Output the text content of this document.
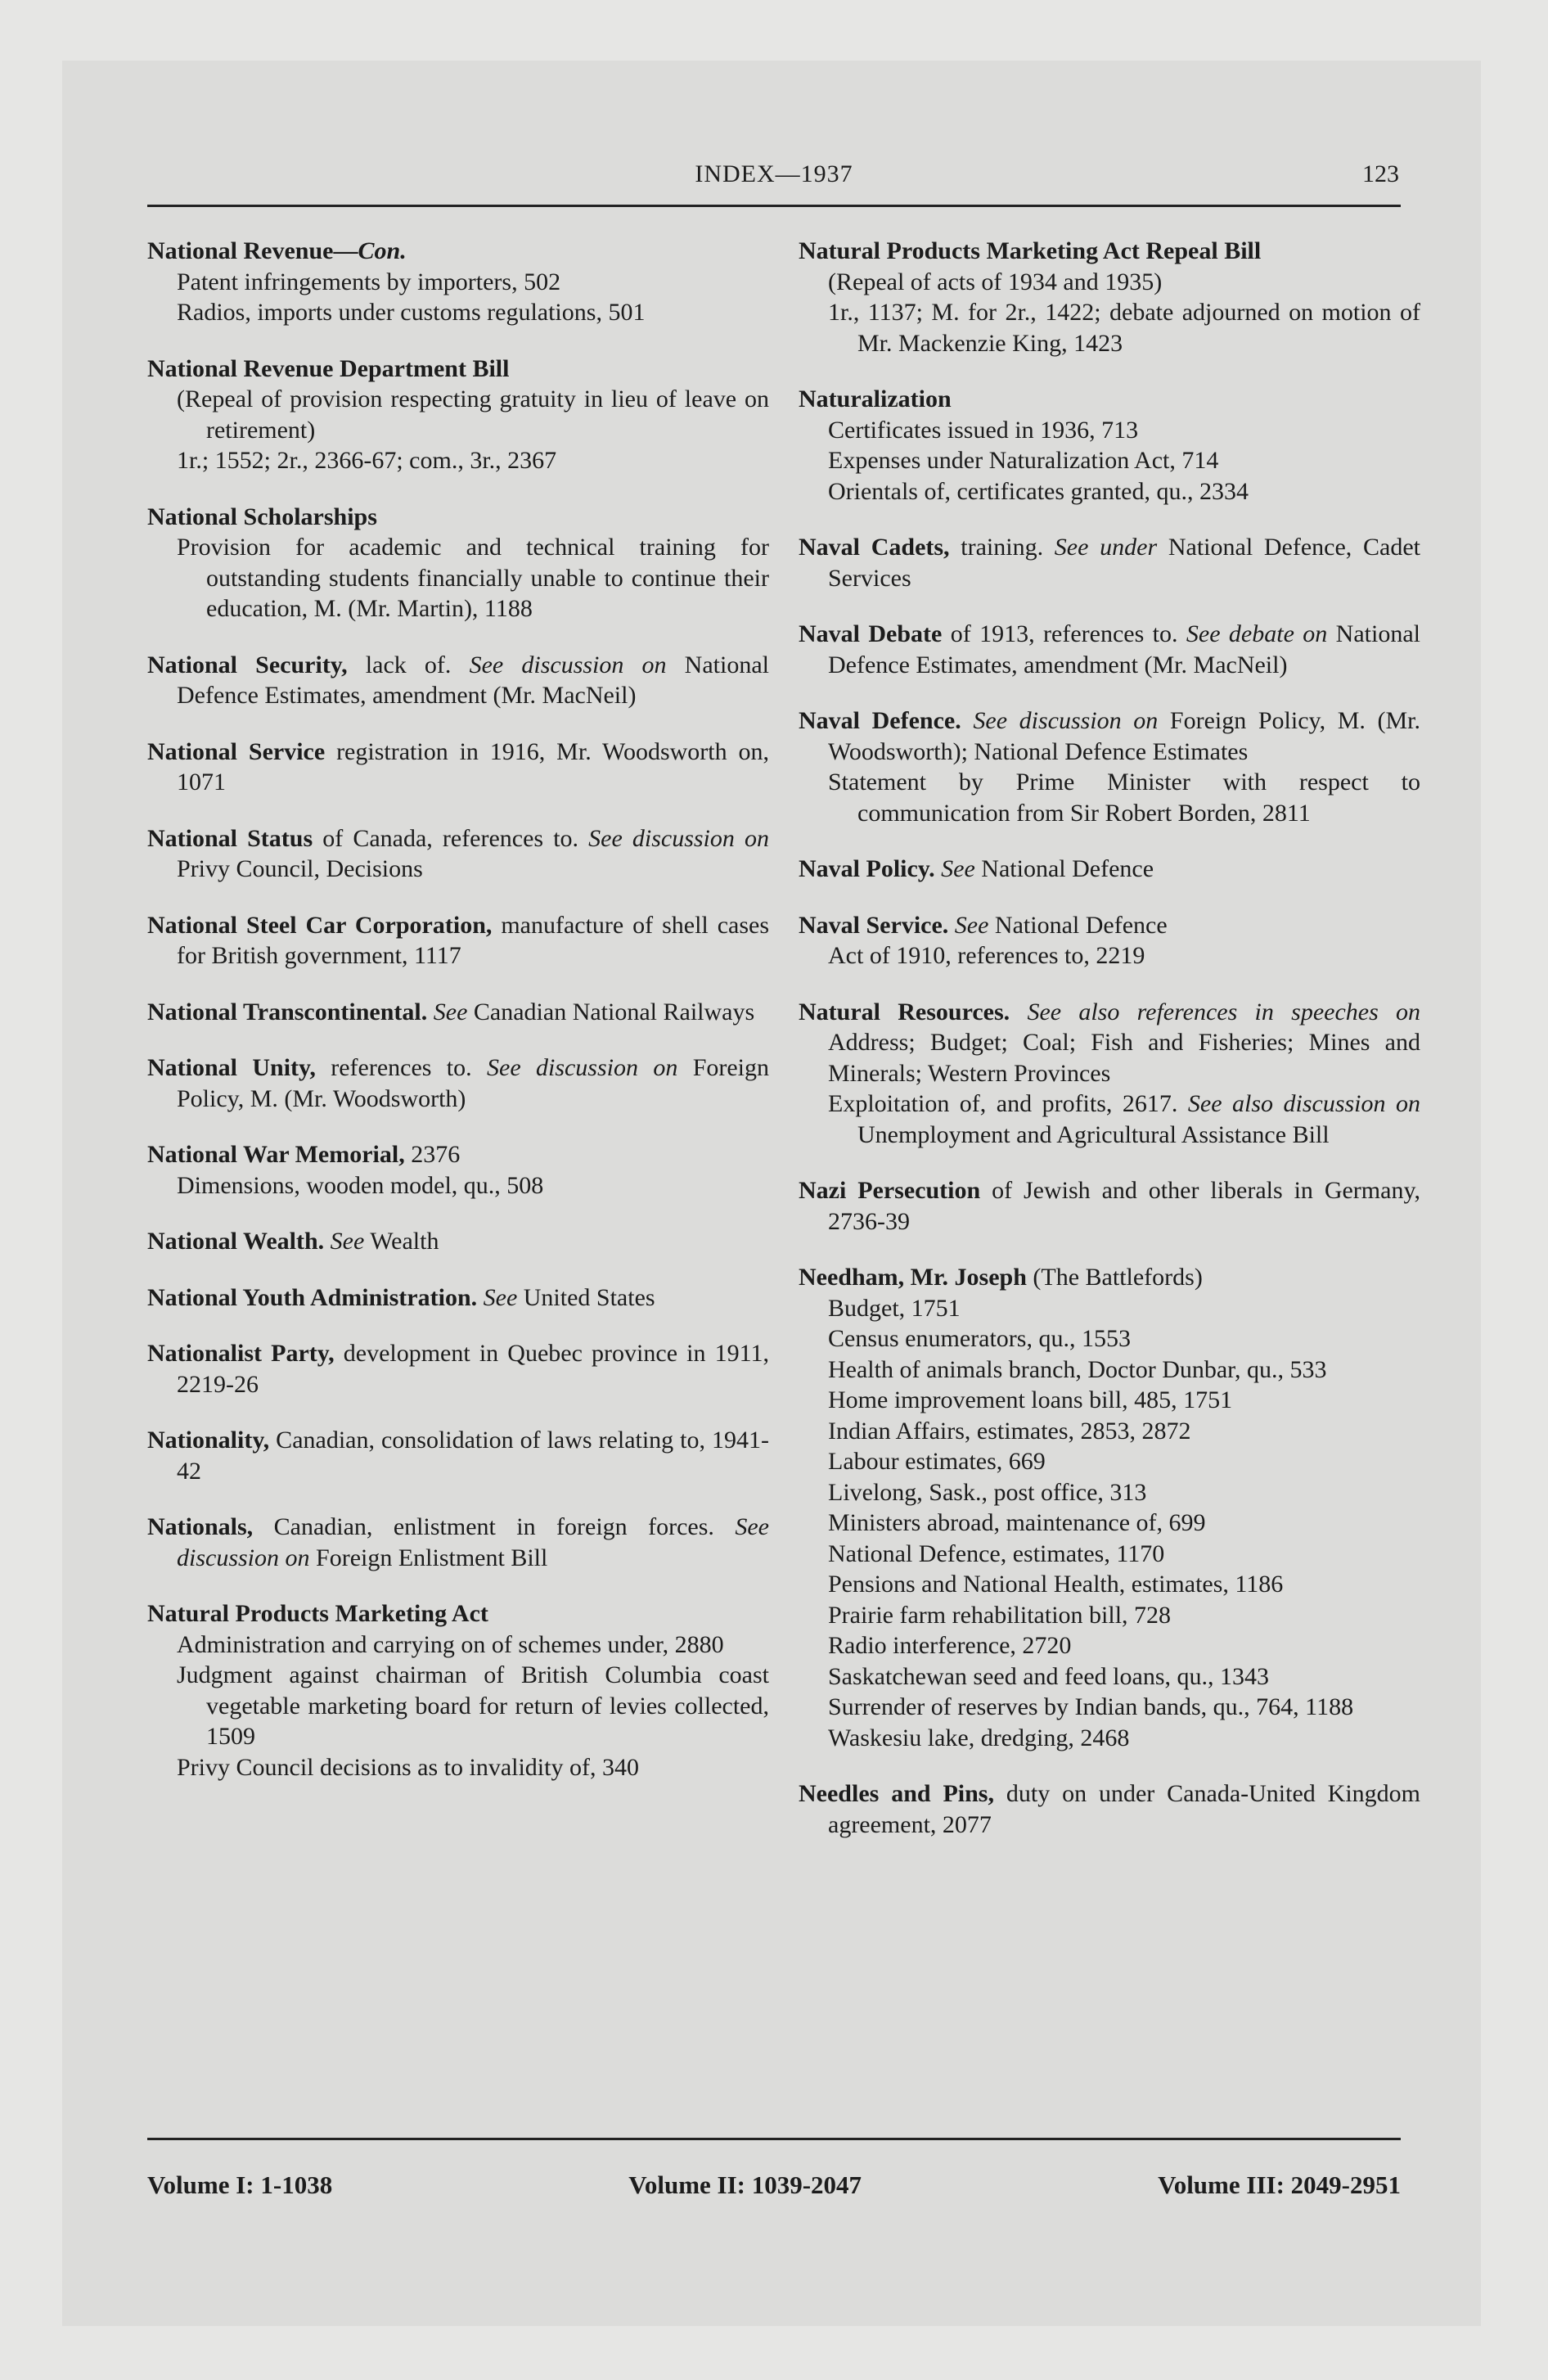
INDEX—1937	123
National Revenue—Con.
Patent infringements by importers, 502
Radios, imports under customs regulations, 501
National Revenue Department Bill
(Repeal of provision respecting gratuity in lieu of leave on retirement)
1r.; 1552; 2r., 2366-67; com., 3r., 2367
National Scholarships
Provision for academic and technical training for outstanding students financially unable to continue their education, M. (Mr. Martin), 1188
National Security, lack of. See discussion on National Defence Estimates, amendment (Mr. MacNeil)
National Service registration in 1916, Mr. Woodsworth on, 1071
National Status of Canada, references to. See discussion on Privy Council, Decisions
National Steel Car Corporation, manufacture of shell cases for British government, 1117
National Transcontinental. See Canadian National Railways
National Unity, references to. See discussion on Foreign Policy, M. (Mr. Woodsworth)
National War Memorial, 2376
Dimensions, wooden model, qu., 508
National Wealth. See Wealth
National Youth Administration. See United States
Nationalist Party, development in Quebec province in 1911, 2219-26
Nationality, Canadian, consolidation of laws relating to, 1941-42
Nationals, Canadian, enlistment in foreign forces. See discussion on Foreign Enlistment Bill
Natural Products Marketing Act
Administration and carrying on of schemes under, 2880
Judgment against chairman of British Columbia coast vegetable marketing board for return of levies collected, 1509
Privy Council decisions as to invalidity of, 340
Natural Products Marketing Act Repeal Bill
(Repeal of acts of 1934 and 1935)
1r., 1137; M. for 2r., 1422; debate adjourned on motion of Mr. Mackenzie King, 1423
Naturalization
Certificates issued in 1936, 713
Expenses under Naturalization Act, 714
Orientals of, certificates granted, qu., 2334
Naval Cadets, training. See under National Defence, Cadet Services
Naval Debate of 1913, references to. See debate on National Defence Estimates, amendment (Mr. MacNeil)
Naval Defence. See discussion on Foreign Policy, M. (Mr. Woodsworth); National Defence Estimates
Statement by Prime Minister with respect to communication from Sir Robert Borden, 2811
Naval Policy. See National Defence
Naval Service. See National Defence
Act of 1910, references to, 2219
Natural Resources. See also references in speeches on Address; Budget; Coal; Fish and Fisheries; Mines and Minerals; Western Provinces
Exploitation of, and profits, 2617. See also discussion on Unemployment and Agricultural Assistance Bill
Nazi Persecution of Jewish and other liberals in Germany, 2736-39
Needham, Mr. Joseph (The Battlefords)
Budget, 1751
Census enumerators, qu., 1553
Health of animals branch, Doctor Dunbar, qu., 533
Home improvement loans bill, 485, 1751
Indian Affairs, estimates, 2853, 2872
Labour estimates, 669
Livelong, Sask., post office, 313
Ministers abroad, maintenance of, 699
National Defence, estimates, 1170
Pensions and National Health, estimates, 1186
Prairie farm rehabilitation bill, 728
Radio interference, 2720
Saskatchewan seed and feed loans, qu., 1343
Surrender of reserves by Indian bands, qu., 764, 1188
Waskesiu lake, dredging, 2468
Needles and Pins, duty on under Canada-United Kingdom agreement, 2077
Volume I: 1-1038	Volume II: 1039-2047	Volume III: 2049-2951
